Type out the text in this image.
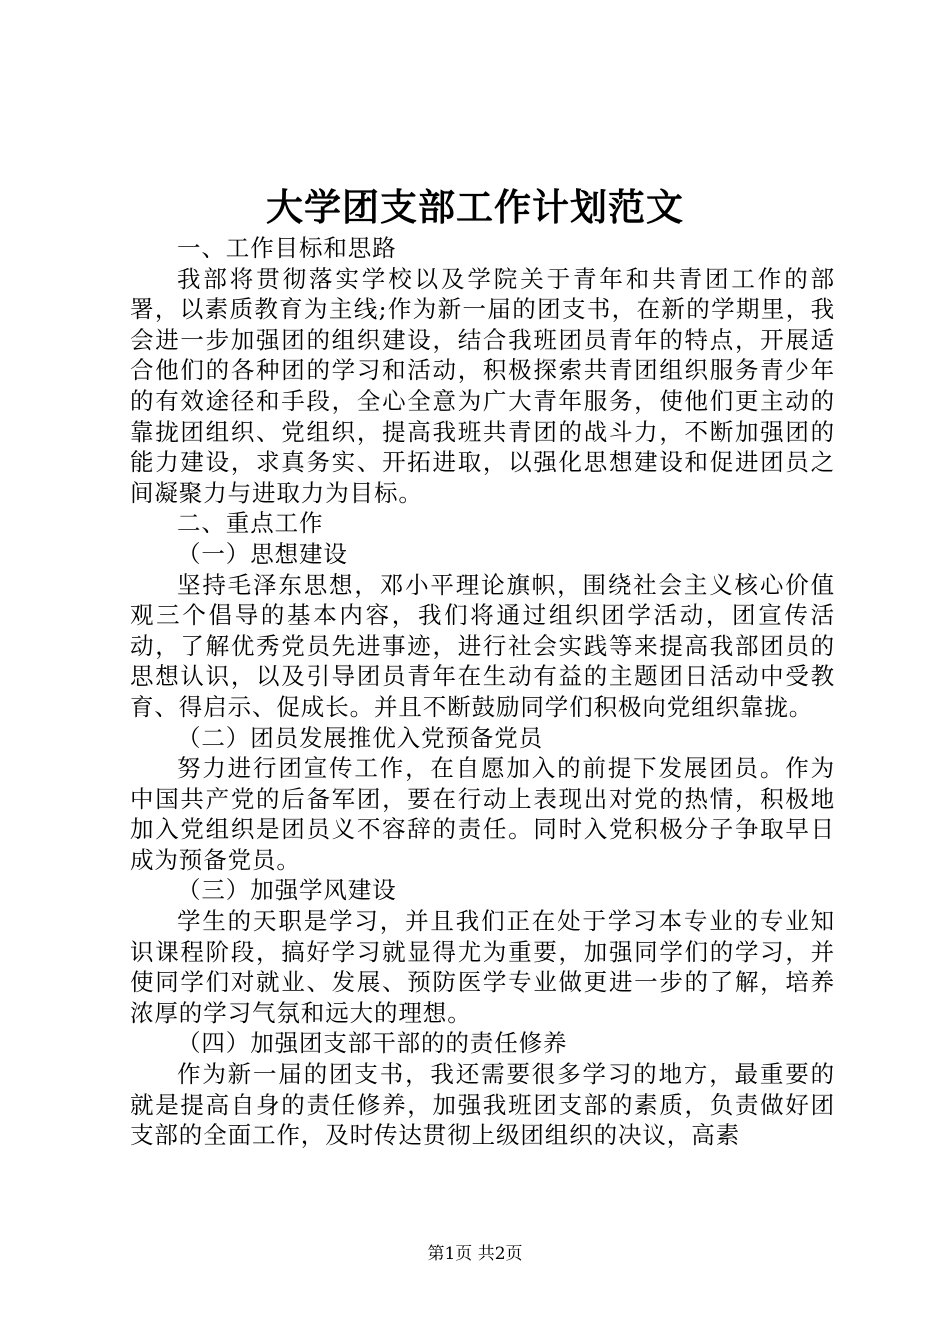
大学团支部工作计划范文

一、工作目标和思路

我部将贯彻落实学校以及学院关于青年和共青团工作的部署，以素质教育为主线;作为新一届的团支书，在新的学期里，我会进一步加强团的组织建设，结合我班团员青年的特点，开展适合他们的各种团的学习和活动，积极探索共青团组织服务青少年的有效途径和手段，全心全意为广大青年服务，使他们更主动的靠拢团组织、党组织，提高我班共青团的战斗力，不断加强团的能力建设，求真务实、开拓进取，以强化思想建设和促进团员之间凝聚力与进取力为目标。

二、重点工作

（一）思想建设

坚持毛泽东思想，邓小平理论旗帜，围绕社会主义核心价值观三个倡导的基本内容，我们将通过组织团学活动，团宣传活动，了解优秀党员先进事迹，进行社会实践等来提高我部团员的思想认识，以及引导团员青年在生动有益的主题团日活动中受教育、得启示、促成长。并且不断鼓励同学们积极向党组织靠拢。

（二）团员发展推优入党预备党员

努力进行团宣传工作，在自愿加入的前提下发展团员。作为中国共产党的后备军团，要在行动上表现出对党的热情，积极地加入党组织是团员义不容辞的责任。同时入党积极分子争取早日成为预备党员。

（三）加强学风建设

学生的天职是学习，并且我们正在处于学习本专业的专业知识课程阶段，搞好学习就显得尤为重要，加强同学们的学习，并使同学们对就业、发展、预防医学专业做更进一步的了解，培养浓厚的学习气氛和远大的理想。

（四）加强团支部干部的的责任修养

作为新一届的团支书，我还需要很多学习的地方，最重要的就是提高自身的责任修养，加强我班团支部的素质，负责做好团支部的全面工作，及时传达贯彻上级团组织的决议，高素

第1页 共2页
